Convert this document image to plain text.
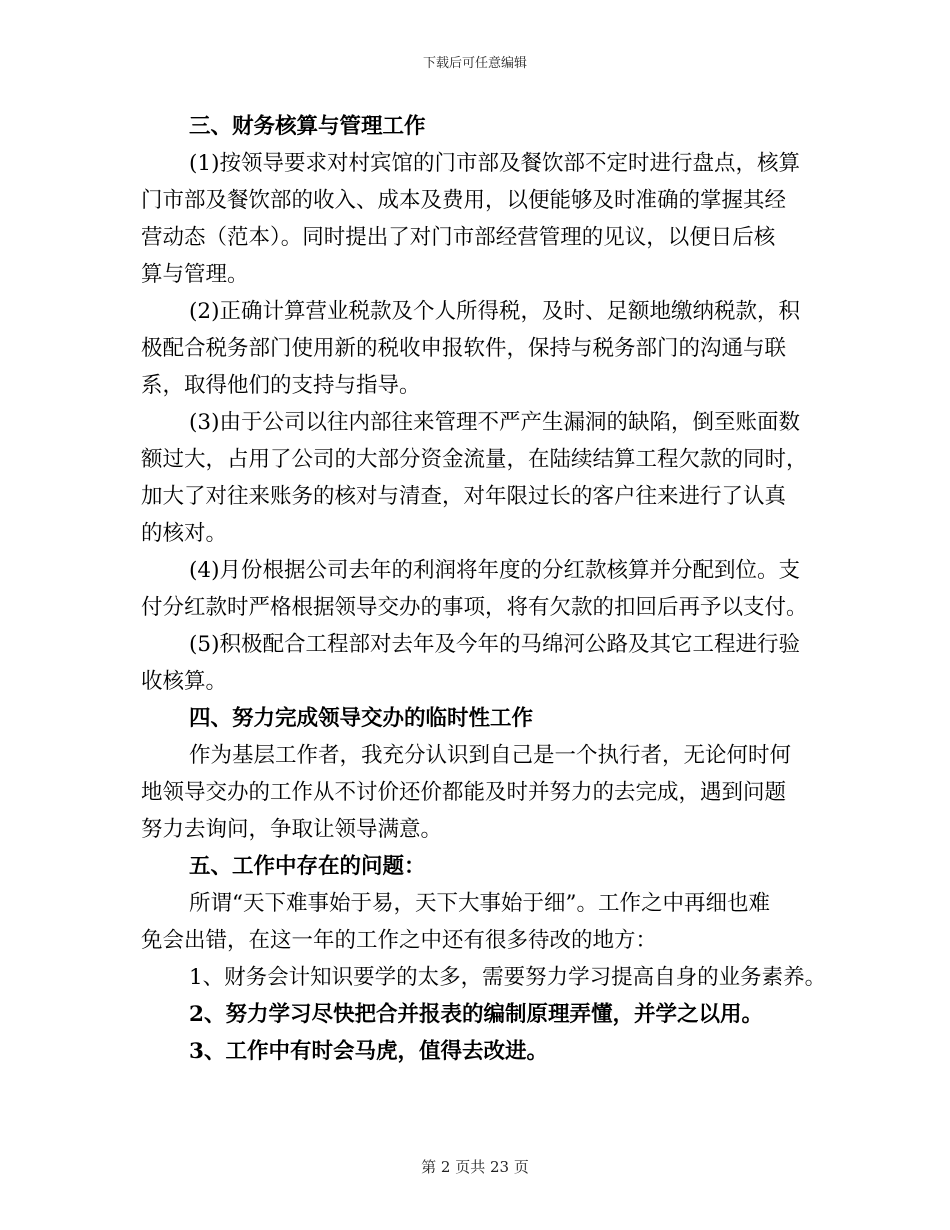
下载后可任意编辑
三、财务核算与管理工作
(1)按领导要求对村宾馆的门市部及餐饮部不定时进行盘点，核算
门市部及餐饮部的收入、成本及费用，以便能够及时准确的掌握其经
营动态（范本）。同时提出了对门市部经营管理的见议，以便日后核
算与管理。
(2)正确计算营业税款及个人所得税，及时、足额地缴纳税款，积
极配合税务部门使用新的税收申报软件，保持与税务部门的沟通与联
系，取得他们的支持与指导。
(3)由于公司以往内部往来管理不严产生漏洞的缺陷，倒至账面数
额过大，占用了公司的大部分资金流量，在陆续结算工程欠款的同时，
加大了对往来账务的核对与清查，对年限过长的客户往来进行了认真
的核对。
(4)月份根据公司去年的利润将年度的分红款核算并分配到位。支
付分红款时严格根据领导交办的事项，将有欠款的扣回后再予以支付。
(5)积极配合工程部对去年及今年的马绵河公路及其它工程进行验
收核算。
四、努力完成领导交办的临时性工作
作为基层工作者，我充分认识到自己是一个执行者，无论何时何
地领导交办的工作从不讨价还价都能及时并努力的去完成，遇到问题
努力去询问，争取让领导满意。
五、工作中存在的问题：
所谓“天下难事始于易，天下大事始于细”。工作之中再细也难
免会出错，在这一年的工作之中还有很多待改的地方：
1、财务会计知识要学的太多，需要努力学习提高自身的业务素养。
2、努力学习尽快把合并报表的编制原理弄懂，并学之以用。
3、工作中有时会马虎，值得去改进。
第 2 页共 23 页
